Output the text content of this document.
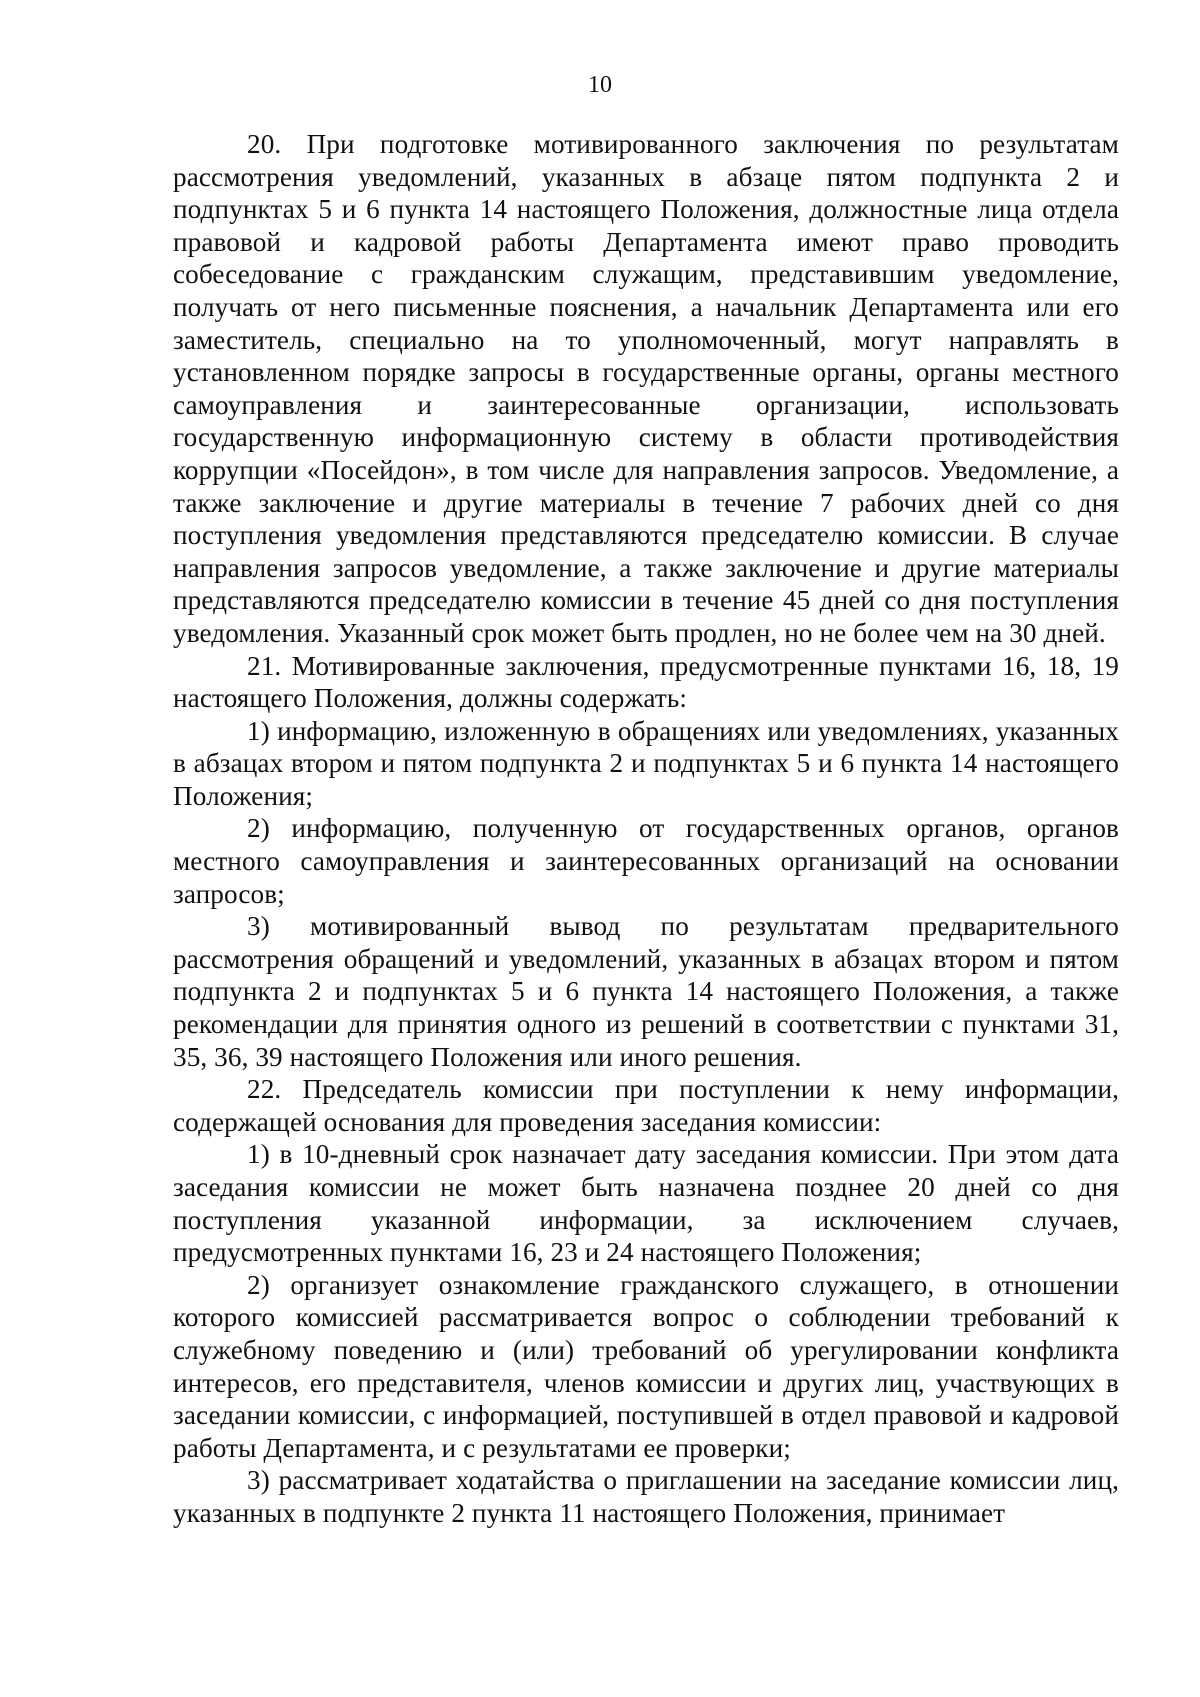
10

20. При подготовке мотивированного заключения по результатам рассмотрения уведомлений, указанных в абзаце пятом подпункта 2 и подпунктах 5 и 6 пункта 14 настоящего Положения, должностные лица отдела правовой и кадровой работы Департамента имеют право проводить собеседование с гражданским служащим, представившим уведомление, получать от него письменные пояснения, а начальник Департамента или его заместитель, специально на то уполномоченный, могут направлять в установленном порядке запросы в государственные органы, органы местного самоуправления и заинтересованные организации, использовать государственную информационную систему в области противодействия коррупции «Посейдон», в том числе для направления запросов. Уведомление, а также заключение и другие материалы в течение 7 рабочих дней со дня поступления уведомления представляются председателю комиссии. В случае направления запросов уведомление, а также заключение и другие материалы представляются председателю комиссии в течение 45 дней со дня поступления уведомления. Указанный срок может быть продлен, но не более чем на 30 дней.

21. Мотивированные заключения, предусмотренные пунктами 16, 18, 19 настоящего Положения, должны содержать:

1) информацию, изложенную в обращениях или уведомлениях, указанных в абзацах втором и пятом подпункта 2 и подпунктах 5 и 6 пункта 14 настоящего Положения;

2) информацию, полученную от государственных органов, органов местного самоуправления и заинтересованных организаций на основании запросов;

3) мотивированный вывод по результатам предварительного рассмотрения обращений и уведомлений, указанных в абзацах втором и пятом подпункта 2 и подпунктах 5 и 6 пункта 14 настоящего Положения, а также рекомендации для принятия одного из решений в соответствии с пунктами 31, 35, 36, 39 настоящего Положения или иного решения.

22. Председатель комиссии при поступлении к нему информации, содержащей основания для проведения заседания комиссии:

1) в 10-дневный срок назначает дату заседания комиссии. При этом дата заседания комиссии не может быть назначена позднее 20 дней со дня поступления указанной информации, за исключением случаев, предусмотренных пунктами 16, 23 и 24 настоящего Положения;

2) организует ознакомление гражданского служащего, в отношении которого комиссией рассматривается вопрос о соблюдении требований к служебному поведению и (или) требований об урегулировании конфликта интересов, его представителя, членов комиссии и других лиц, участвующих в заседании комиссии, с информацией, поступившей в отдел правовой и кадровой работы Департамента, и с результатами ее проверки;

3) рассматривает ходатайства о приглашении на заседание комиссии лиц, указанных в подпункте 2 пункта 11 настоящего Положения, принимает
